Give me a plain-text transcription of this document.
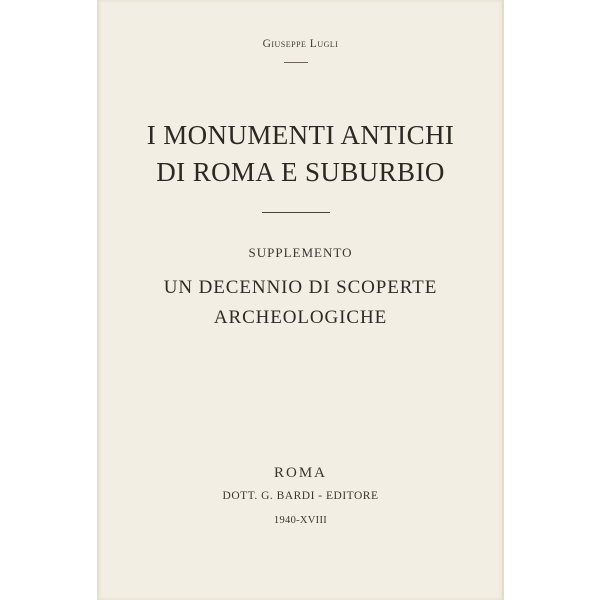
Giuseppe Lugli
I MONUMENTI ANTICHI
DI ROMA E SUBURBIO
SUPPLEMENTO
UN DECENNIO DI SCOPERTE
ARCHEOLOGICHE
ROMA
DOTT. G. BARDI - EDITORE
1940-XVIII
